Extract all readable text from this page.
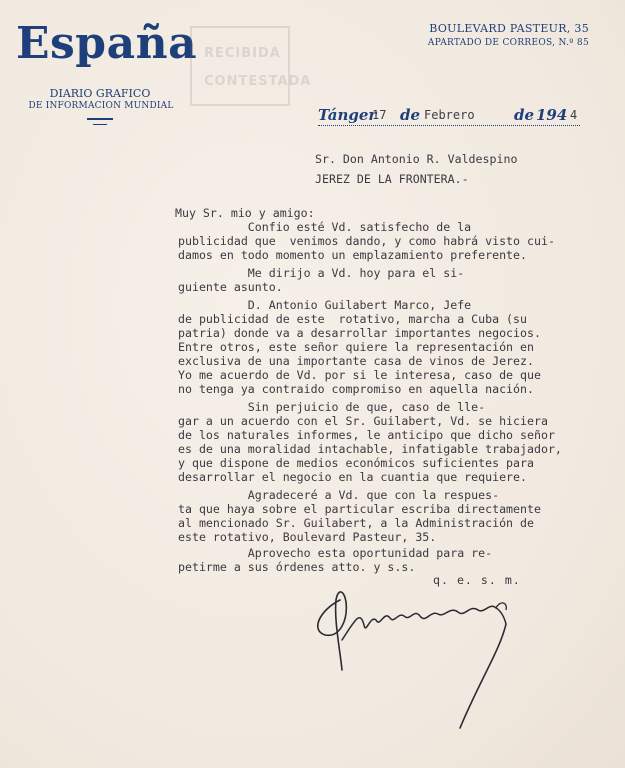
España
DIARIO GRAFICO
DE INFORMACION MUNDIAL
RECIBIDA
CONTESTADA
BOULEVARD PASTEUR, 35
APARTADO DE CORREOS, N.º 85
Tánger
17 de Febrero	de 194 4
Sr. Don Antonio R. Valdespino
JEREZ DE LA FRONTERA.-
Muy Sr. mio y amigo:
Confio esté Vd. satisfecho de la
publicidad que  venimos dando, y como habrá visto cui-
damos en todo momento un emplazamiento preferente.
Me dirijo a Vd. hoy para el si-
guiente asunto.
D. Antonio Guilabert Marco, Jefe
de publicidad de este  rotativo, marcha a Cuba (su
patria) donde va a desarrollar importantes negocios.
Entre otros, este señor quiere la representación en
exclusiva de una importante casa de vinos de Jerez.
Yo me acuerdo de Vd. por si le interesa, caso de que
no tenga ya contraido compromiso en aquella nación.
Sin perjuicio de que, caso de lle-
gar a un acuerdo con el Sr. Guilabert, Vd. se hiciera
de los naturales informes, le anticipo que dicho señor
es de una moralidad intachable, infatigable trabajador,
y que dispone de medios económicos suficientes para
desarrollar el negocio en la cuantia que requiere.
Agradeceré a Vd. que con la respues-
ta que haya sobre el particular escriba directamente
al mencionado Sr. Guilabert, a la Administración de
este rotativo, Boulevard Pasteur, 35.
Aprovecho esta oportunidad para re-
petirme a sus órdenes atto. y s.s.
q. e. s. m.
